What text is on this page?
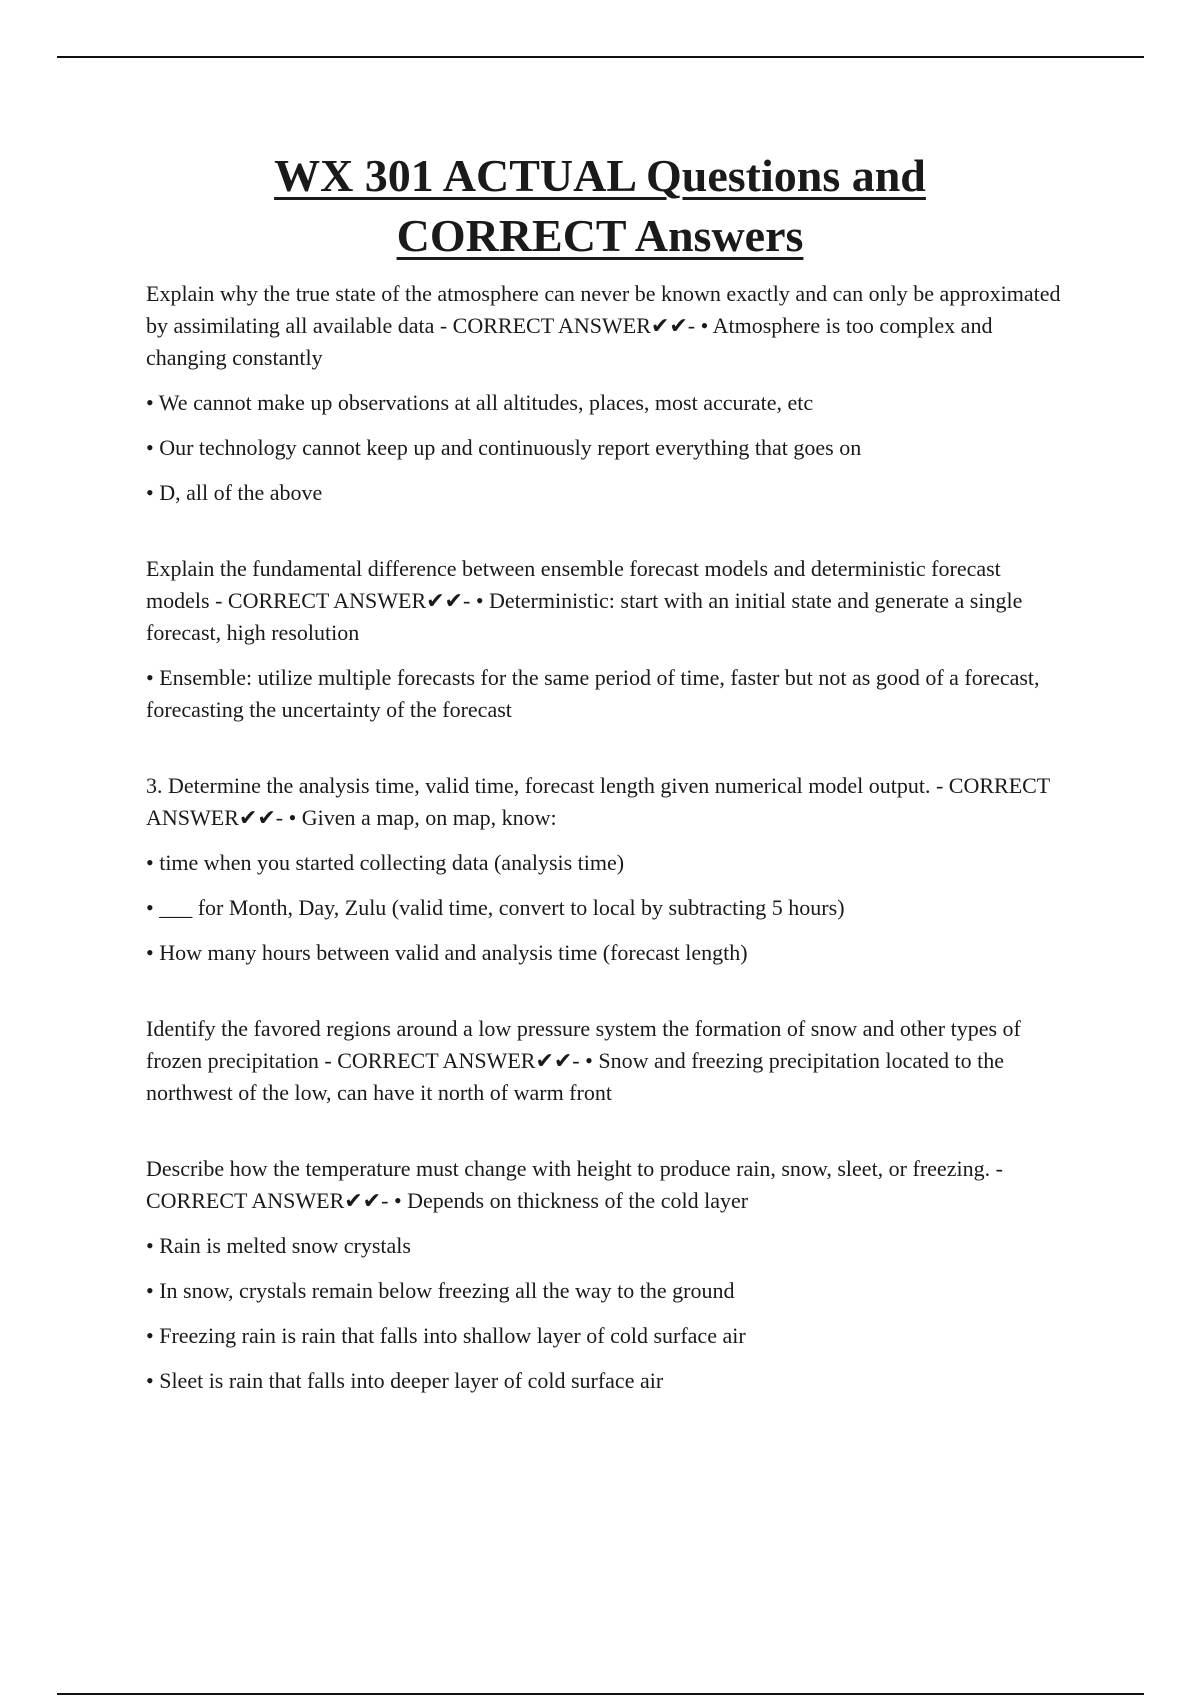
WX 301 ACTUAL Questions and
CORRECT Answers

Explain why the true state of the atmosphere can never be known exactly and can only be approximated by assimilating all available data - CORRECT ANSWER✔✔- • Atmosphere is too complex and changing constantly

• We cannot make up observations at all altitudes, places, most accurate, etc

• Our technology cannot keep up and continuously report everything that goes on

• D, all of the above

Explain the fundamental difference between ensemble forecast models and deterministic forecast models - CORRECT ANSWER✔✔- • Deterministic: start with an initial state and generate a single forecast, high resolution

• Ensemble: utilize multiple forecasts for the same period of time, faster but not as good of a forecast, forecasting the uncertainty of the forecast

3. Determine the analysis time, valid time, forecast length given numerical model output. - CORRECT ANSWER✔✔- • Given a map, on map, know:

• time when you started collecting data (analysis time)

• ___ for Month, Day, Zulu (valid time, convert to local by subtracting 5 hours)

• How many hours between valid and analysis time (forecast length)

Identify the favored regions around a low pressure system the formation of snow and other types of frozen precipitation - CORRECT ANSWER✔✔- • Snow and freezing precipitation located to the northwest of the low, can have it north of warm front

Describe how the temperature must change with height to produce rain, snow, sleet, or freezing. - CORRECT ANSWER✔✔- • Depends on thickness of the cold layer

• Rain is melted snow crystals

• In snow, crystals remain below freezing all the way to the ground

• Freezing rain is rain that falls into shallow layer of cold surface air

• Sleet is rain that falls into deeper layer of cold surface air
